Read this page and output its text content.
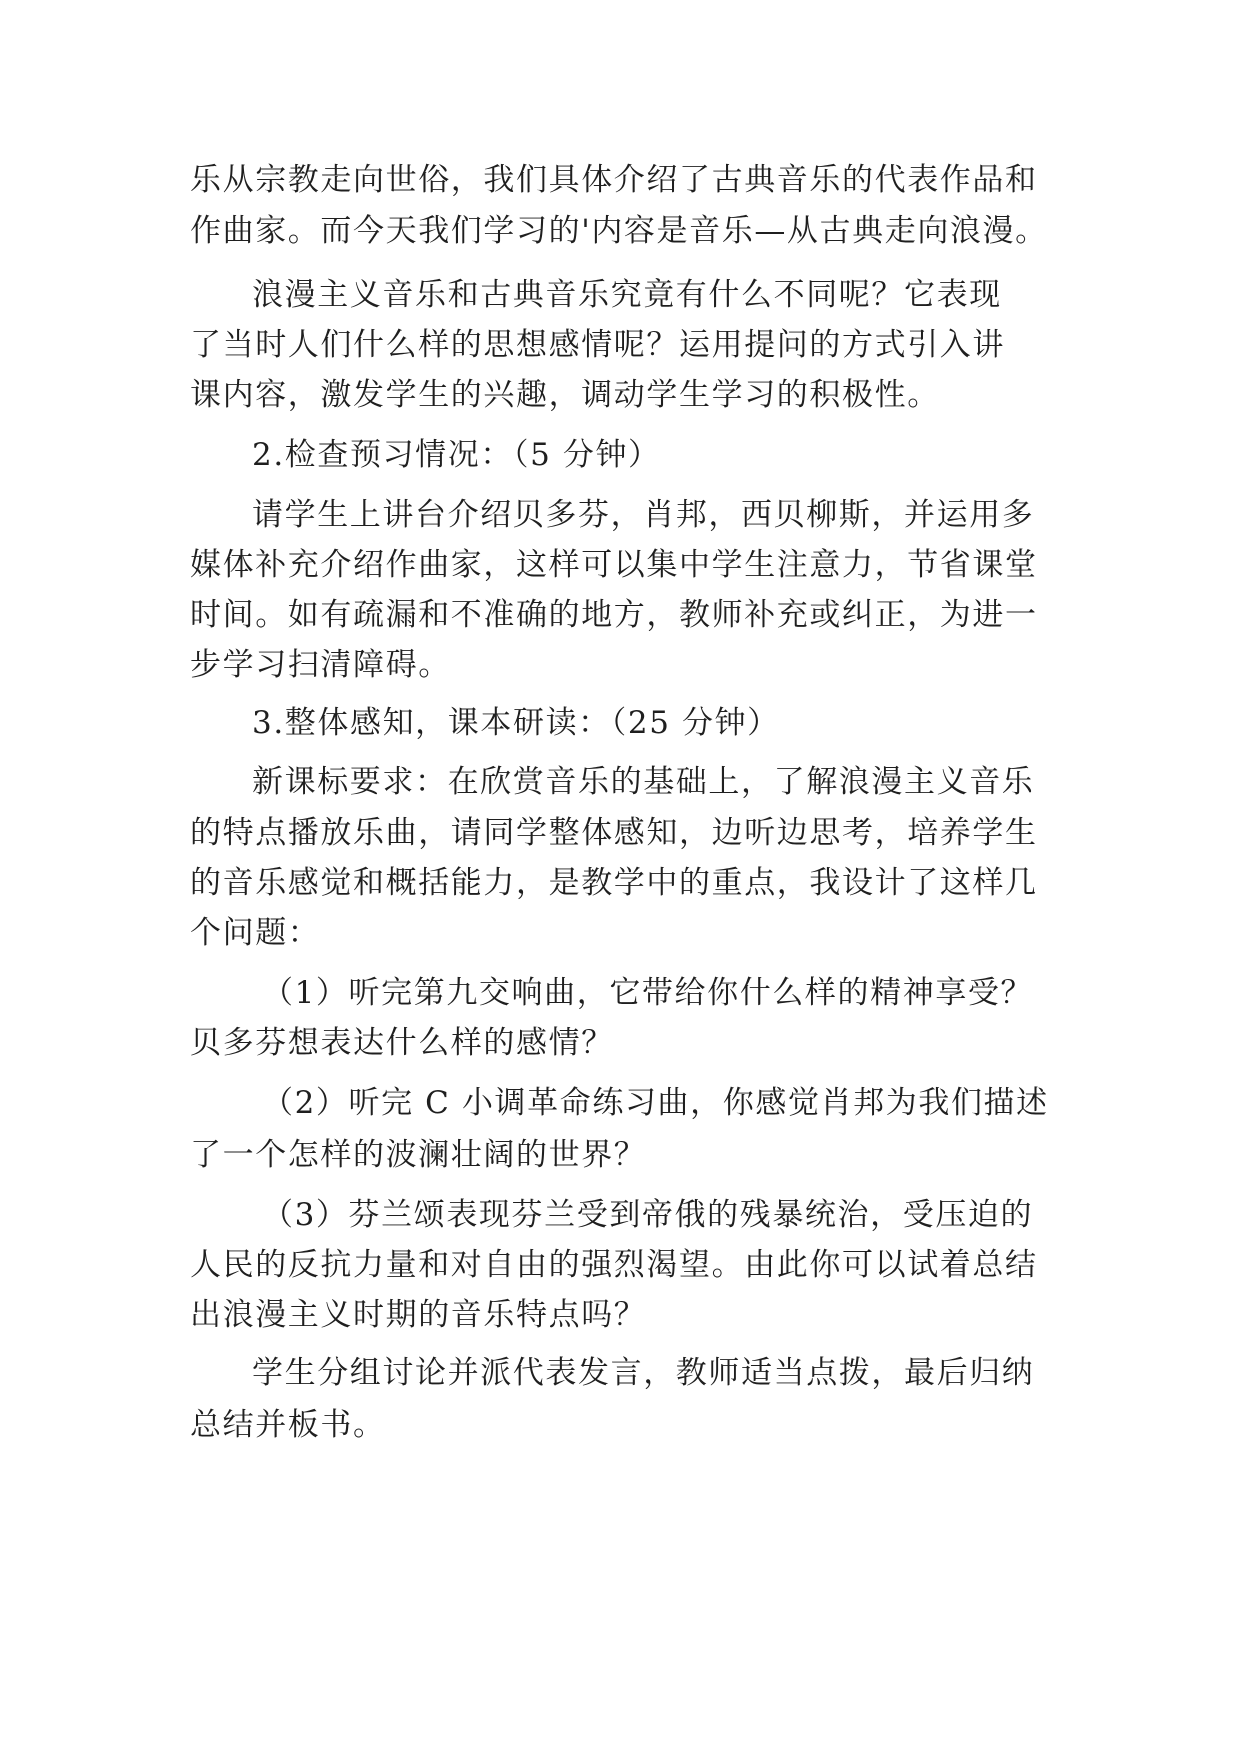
乐从宗教走向世俗，我们具体介绍了古典音乐的代表作品和
作曲家。而今天我们学习的'内容是音乐—从古典走向浪漫。
浪漫主义音乐和古典音乐究竟有什么不同呢？它表现
了当时人们什么样的思想感情呢？运用提问的方式引入讲
课内容，激发学生的兴趣，调动学生学习的积极性。
2.检查预习情况：（5 分钟）
请学生上讲台介绍贝多芬，肖邦，西贝柳斯，并运用多
媒体补充介绍作曲家，这样可以集中学生注意力，节省课堂
时间。如有疏漏和不准确的地方，教师补充或纠正，为进一
步学习扫清障碍。
3.整体感知，课本研读：（25 分钟）
新课标要求：在欣赏音乐的基础上，了解浪漫主义音乐
的特点播放乐曲，请同学整体感知，边听边思考，培养学生
的音乐感觉和概括能力，是教学中的重点，我设计了这样几
个问题：
（1）听完第九交响曲，它带给你什么样的精神享受？
贝多芬想表达什么样的感情？
（2）听完 C 小调革命练习曲，你感觉肖邦为我们描述
了一个怎样的波澜壮阔的世界？
（3）芬兰颂表现芬兰受到帝俄的残暴统治，受压迫的
人民的反抗力量和对自由的强烈渴望。由此你可以试着总结
出浪漫主义时期的音乐特点吗？
学生分组讨论并派代表发言，教师适当点拨，最后归纳
总结并板书。
